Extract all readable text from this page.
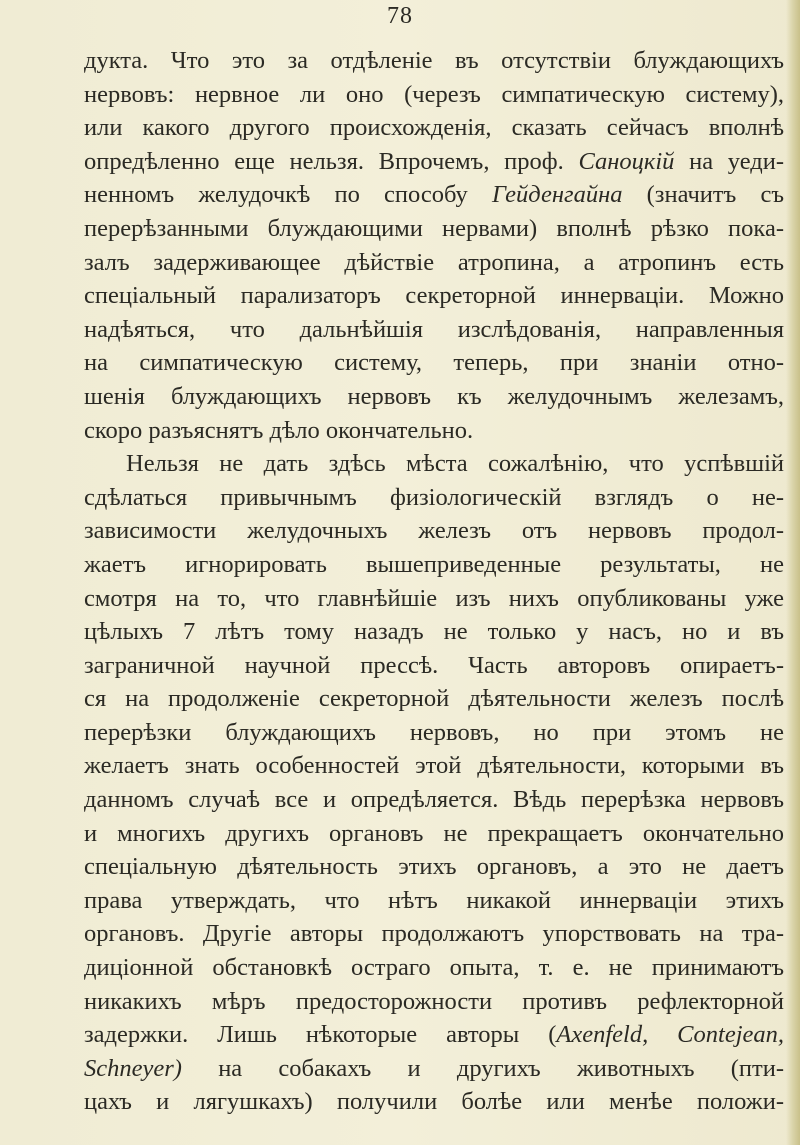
78
дукта. Что это за отдѣленіе въ отсутствіи блуждающихъ
нервовъ: нервное ли оно (черезъ симпатическую систему),
или какого другого происхожденія, сказать сейчасъ вполнѣ
опредѣленно еще нельзя. Впрочемъ, проф. Саноцкій на уеди-
ненномъ желудочкѣ по способу Гейденгайна (значитъ съ
перерѣзанными блуждающими нервами) вполнѣ рѣзко пока-
залъ задерживающее дѣйствіе атропина, а атропинъ есть
спеціальный парализаторъ секреторной иннерваціи. Можно
надѣяться, что дальнѣйшія изслѣдованія, направленныя
на симпатическую систему, теперь, при знаніи отно-
шенія блуждающихъ нервовъ къ желудочнымъ железамъ,
скоро разъяснятъ дѣло окончательно.
Нельзя не дать здѣсь мѣста сожалѣнію, что успѣвшій
сдѣлаться привычнымъ физіологическій взглядъ о не-
зависимости желудочныхъ железъ отъ нервовъ продол-
жаетъ игнорировать вышеприведенные результаты, не
смотря на то, что главнѣйшіе изъ нихъ опубликованы уже
цѣлыхъ 7 лѣтъ тому назадъ не только у насъ, но и въ
заграничной научной прессѣ. Часть авторовъ опираетъ-
ся на продолженіе секреторной дѣятельности железъ послѣ
перерѣзки блуждающихъ нервовъ, но при этомъ не
желаетъ знать особенностей этой дѣятельности, которыми въ
данномъ случаѣ все и опредѣляется. Вѣдь перерѣзка нервовъ
и многихъ другихъ органовъ не прекращаетъ окончательно
спеціальную дѣятельность этихъ органовъ, а это не даетъ
права утверждать, что нѣтъ никакой иннерваціи этихъ
органовъ. Другіе авторы продолжаютъ упорствовать на тра-
диціонной обстановкѣ остраго опыта, т. е. не принимаютъ
никакихъ мѣръ предосторожности противъ рефлекторной
задержки. Лишь нѣкоторые авторы (Axenfeld, Contejean,
Schneyer) на собакахъ и другихъ животныхъ (пти-
цахъ и лягушкахъ) получили болѣе или менѣе положи-
